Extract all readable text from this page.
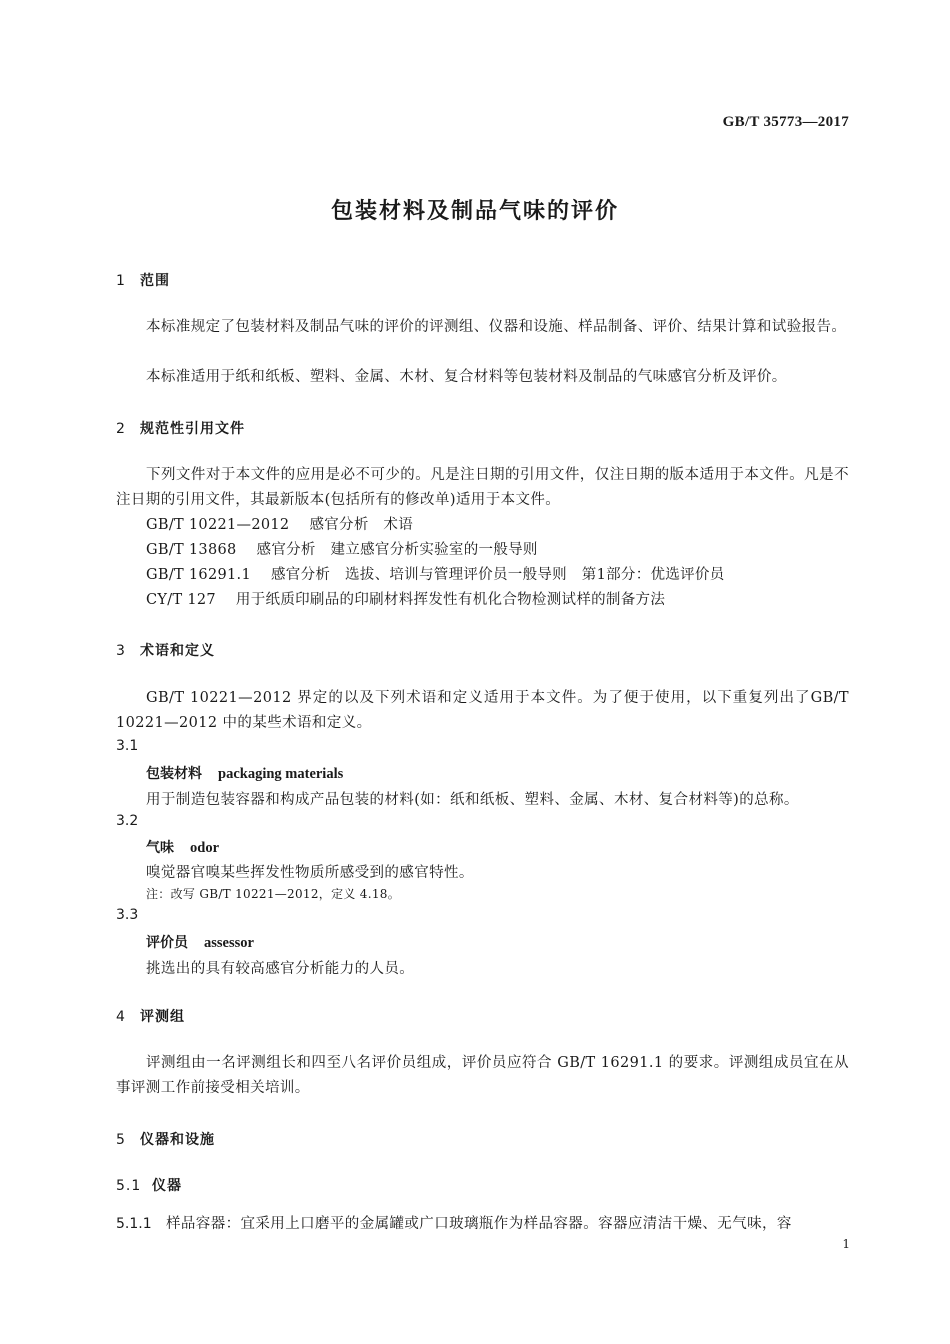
GB/T 35773—2017
包装材料及制品气味的评价
1 范围
本标准规定了包装材料及制品气味的评价的评测组、仪器和设施、样品制备、评价、结果计算和试验报告。
本标准适用于纸和纸板、塑料、金属、木材、复合材料等包装材料及制品的气味感官分析及评价。
2 规范性引用文件
下列文件对于本文件的应用是必不可少的。凡是注日期的引用文件，仅注日期的版本适用于本文件。凡是不注日期的引用文件，其最新版本(包括所有的修改单)适用于本文件。
GB/T 10221—2012 感官分析　术语
GB/T 13868 感官分析　建立感官分析实验室的一般导则
GB/T 16291.1 感官分析　选拔、培训与管理评价员一般导则　第1部分：优选评价员
CY/T 127 用于纸质印刷品的印刷材料挥发性有机化合物检测试样的制备方法
3 术语和定义
GB/T 10221—2012 界定的以及下列术语和定义适用于本文件。为了便于使用，以下重复列出了GB/T 10221—2012 中的某些术语和定义。
3.1
包装材料 packaging materials
用于制造包装容器和构成产品包装的材料(如：纸和纸板、塑料、金属、木材、复合材料等)的总称。
3.2
气味 odor
嗅觉器官嗅某些挥发性物质所感受到的感官特性。
注：改写 GB/T 10221—2012，定义 4.18。
3.3
评价员 assessor
挑选出的具有较高感官分析能力的人员。
4 评测组
评测组由一名评测组长和四至八名评价员组成，评价员应符合 GB/T 16291.1 的要求。评测组成员宜在从事评测工作前接受相关培训。
5 仪器和设施
5.1 仪器
5.1.1 样品容器：宜采用上口磨平的金属罐或广口玻璃瓶作为样品容器。容器应清洁干燥、无气味，容
1
